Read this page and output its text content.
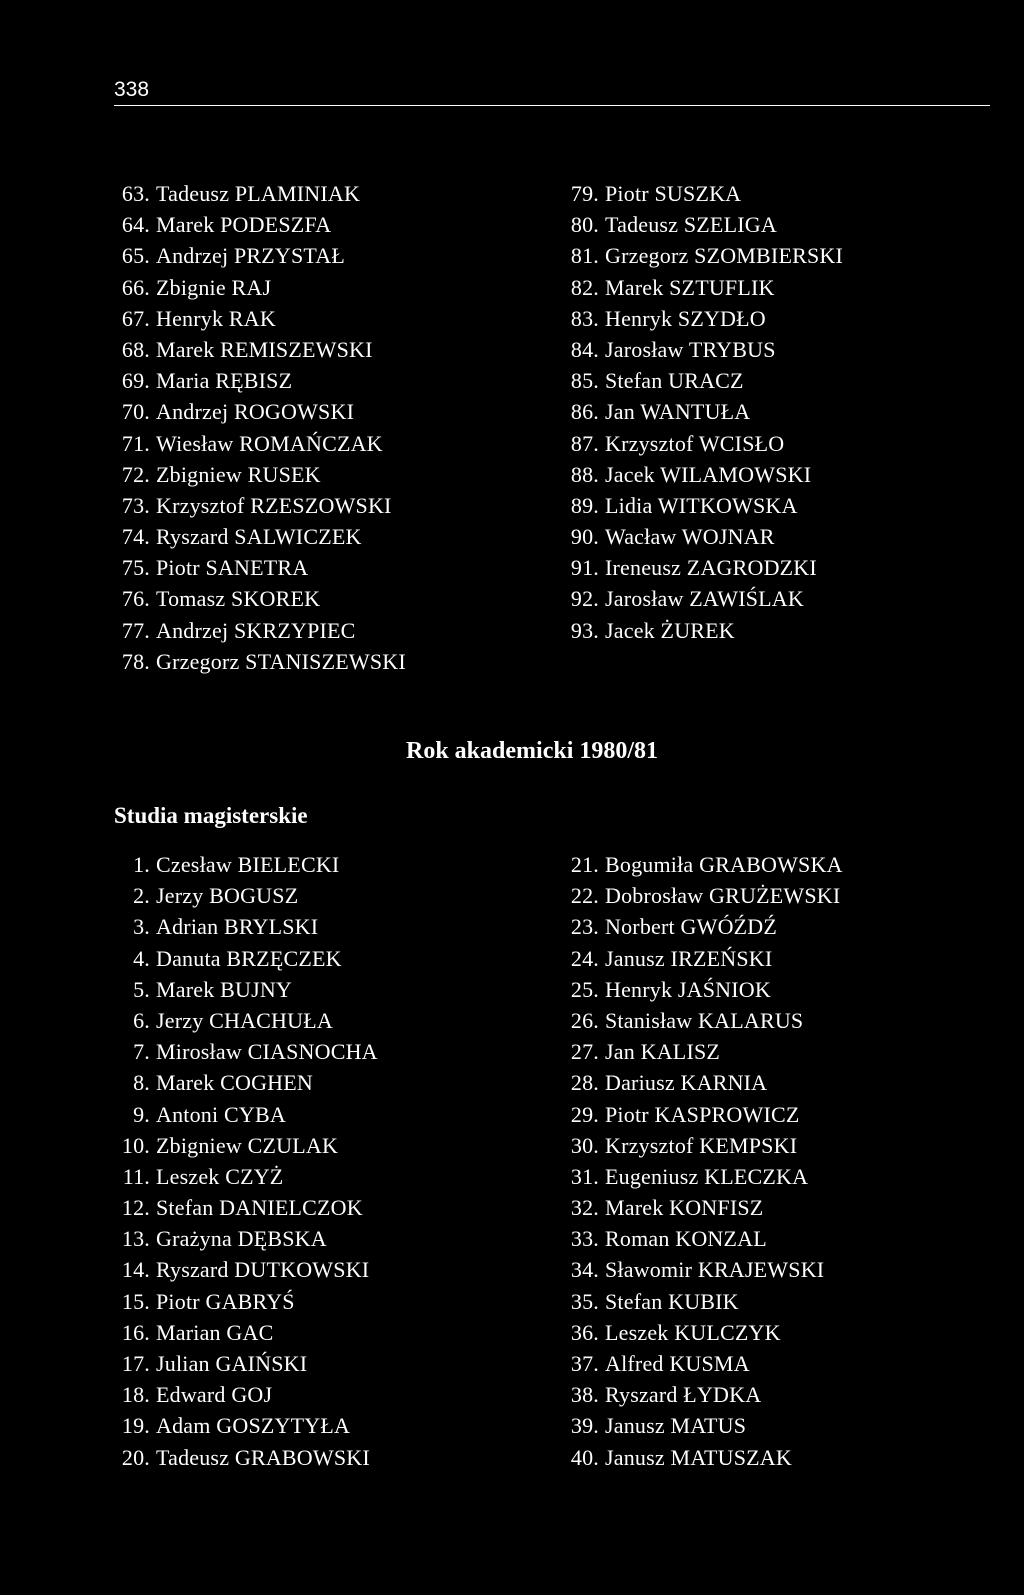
338
63. Tadeusz PLAMINIAK
64. Marek PODESZFA
65. Andrzej PRZYSTAŁ
66. Zbignie RAJ
67. Henryk RAK
68. Marek REMISZEWSKI
69. Maria RĘBISZ
70. Andrzej ROGOWSKI
71. Wiesław ROMAŃCZAK
72. Zbigniew RUSEK
73. Krzysztof RZESZOWSKI
74. Ryszard SALWICZEK
75. Piotr SANETRA
76. Tomasz SKOREK
77. Andrzej SKRZYPIEC
78. Grzegorz STANISZEWSKI
79. Piotr SUSZKA
80. Tadeusz SZELIGA
81. Grzegorz SZOMBIERSKI
82. Marek SZTUFLIK
83. Henryk SZYDŁO
84. Jarosław TRYBUS
85. Stefan URACZ
86. Jan WANTUŁA
87. Krzysztof WCISŁO
88. Jacek WILAMOWSKI
89. Lidia WITKOWSKA
90. Wacław WOJNAR
91. Ireneusz ZAGRODZKI
92. Jarosław ZAWIŚLAK
93. Jacek ŻUREK
Rok akademicki 1980/81
Studia magisterskie
1. Czesław BIELECKI
2. Jerzy BOGUSZ
3. Adrian BRYLSKI
4. Danuta BRZĘCZEK
5. Marek BUJNY
6. Jerzy CHACHUŁA
7. Mirosław CIASNOCHA
8. Marek COGHEN
9. Antoni CYBA
10. Zbigniew CZULAK
11. Leszek CZYŻ
12. Stefan DANIELCZOK
13. Grażyna DĘBSKA
14. Ryszard DUTKOWSKI
15. Piotr GABRYŚ
16. Marian GAC
17. Julian GAIŃSKI
18. Edward GOJ
19. Adam GOSZYTYŁA
20. Tadeusz GRABOWSKI
21. Bogumiła GRABOWSKA
22. Dobrosław GRUŻEWSKI
23. Norbert GWÓŹDŹ
24. Janusz IRZEŃSKI
25. Henryk JAŚNIOK
26. Stanisław KALARUS
27. Jan KALISZ
28. Dariusz KARNIA
29. Piotr KASPROWICZ
30. Krzysztof KEMPSKI
31. Eugeniusz KLECZKA
32. Marek KONFISZ
33. Roman KONZAL
34. Sławomir KRAJEWSKI
35. Stefan KUBIK
36. Leszek KULCZYK
37. Alfred KUSMA
38. Ryszard ŁYDKA
39. Janusz MATUS
40. Janusz MATUSZAK
